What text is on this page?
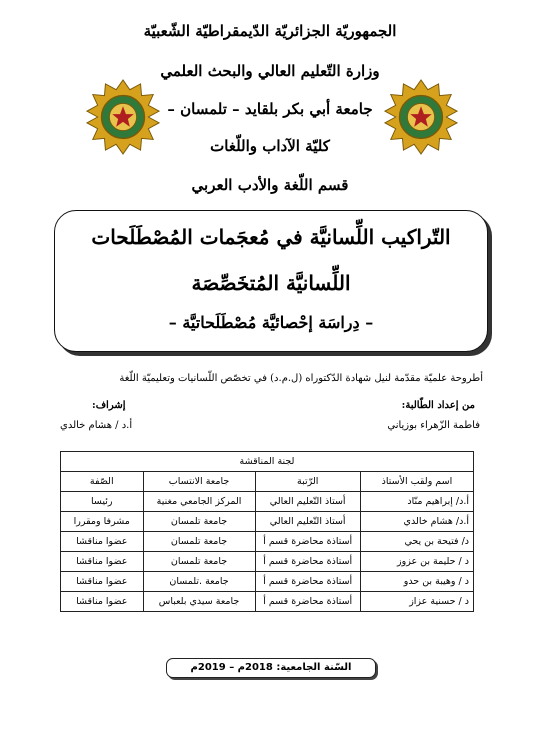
الجمهوريّة الجزائريّة الدّيمقراطيّة الشّعبيّة
وزارة التّعليم العالي والبحث العلمي
جامعة أبي بكر بلقايد – تلمسان –
كليّة الآداب واللّغات
قسم اللّغة والأدب العربي
التّراكيب اللِّسانيَّة في مُعجَمات المُصْطَلَحات
اللِّسانيَّة المُتخَصِّصَة
– دِراسَة إحْصائيَّة مُصْطَلَحاتيَّة –
أطروحة علميّة مقدّمة لنيل شهادة الدّكتوراه (ل.م.د) في تخصّص اللّسانيات وتعليميّة اللّغة
من إعداد الطّالبة:
فاطمة الزّهراء بوزياني
إشراف:
أ.د / هشام خالدي
لجنة المناقشة			
اسم ولقب الأستاذ	الرّتبة	جامعة الانتساب	الصّفة
أ.د/ إبراهيم منّاد	أستاذ التّعليم العالي	المركز الجامعي مغنية	رئيسا
أ.د/ هشام خالدي	أستاذ التّعليم العالي	جامعة تلمسان	مشرفا ومقررا
د/ فتيحة بن يحي	أستاذة محاضرة قسم أ	جامعة تلمسان	عضوا مناقشا
د / حليمة بن عزوز	أستاذة محاضرة قسم أ	جامعة تلمسان	عضوا مناقشا
د / وهيبة بن حدو	أستاذة محاضرة قسم أ	جامعة .تلمسان	عضوا مناقشا
د / حسنية عزاز	أستاذة محاضرة قسم أ	جامعة سيدي بلعباس	عضوا مناقشا
السّنة الجامعية: 2018م – 2019م
